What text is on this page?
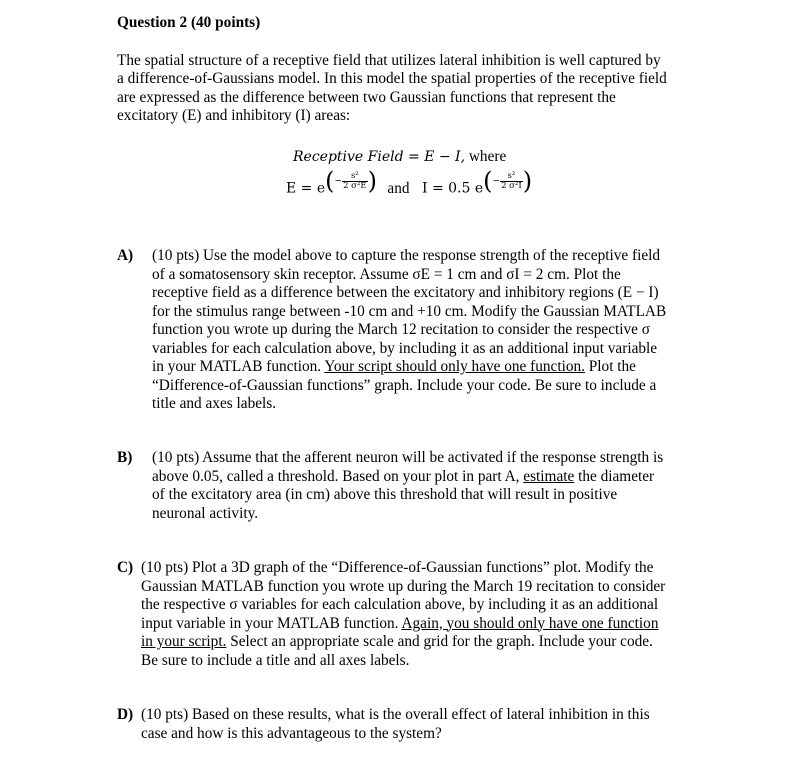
Question 2 (40 points)
The spatial structure of a receptive field that utilizes lateral inhibition is well captured by
a difference-of-Gaussians model. In this model the spatial properties of the receptive field
are expressed as the difference between two Gaussian functions that represent the
excitatory (E) and inhibitory (I) areas:
Receptive Field = E − I, where
$E = e(- \frac{\text{s²}}{\text{2 σ²E}}$ ) and I = 0.5 $e(- \frac{\text{s²}}{\text{2 σ²I}}$ )
A) (10 pts) Use the model above to capture the response strength of the receptive field
of a somatosensory skin receptor. Assume σE = 1 cm and σI = 2 cm. Plot the
receptive field as a difference between the excitatory and inhibitory regions (E − I)
for the stimulus range between -10 cm and +10 cm. Modify the Gaussian MATLAB
function you wrote up during the March 12 recitation to consider the respective σ
variables for each calculation above, by including it as an additional input variable
in your MATLAB function. Your script should only have one function. Plot the
“Difference-of-Gaussian functions” graph. Include your code. Be sure to include a
title and axes labels.
B) (10 pts) Assume that the afferent neuron will be activated if the response strength is
above 0.05, called a threshold. Based on your plot in part A, estimate the diameter
of the excitatory area (in cm) above this threshold that will result in positive
neuronal activity.
C) (10 pts) Plot a 3D graph of the “Difference-of-Gaussian functions” plot. Modify the
Gaussian MATLAB function you wrote up during the March 19 recitation to consider
the respective σ variables for each calculation above, by including it as an additional
input variable in your MATLAB function. Again, you should only have one function
in your script. Select an appropriate scale and grid for the graph. Include your code.
Be sure to include a title and all axes labels.
D) (10 pts) Based on these results, what is the overall effect of lateral inhibition in this
case and how is this advantageous to the system?
